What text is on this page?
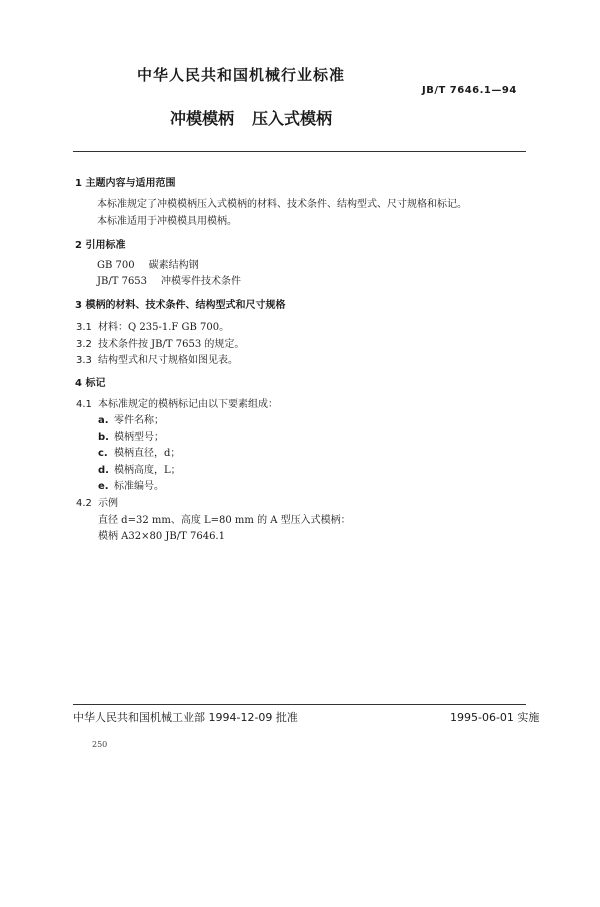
中华人民共和国机械行业标准
JB/T 7646.1—94
冲模模柄 压入式模柄
1 主题内容与适用范围
本标准规定了冲模模柄压入式模柄的材料、技术条件、结构型式、尺寸规格和标记。
本标准适用于冲模模具用模柄。
2 引用标准
GB 700 碳素结构钢
JB/T 7653 冲模零件技术条件
3 模柄的材料、技术条件、结构型式和尺寸规格
3.1 材料：Q 235-1.F GB 700。
3.2 技术条件按 JB/T 7653 的规定。
3.3 结构型式和尺寸规格如图见表。
4 标记
4.1 本标准规定的模柄标记由以下要素组成：
a. 零件名称；
b. 模柄型号；
c. 模柄直径，d；
d. 模柄高度，L；
e. 标准编号。
4.2 示例
直径 d=32 mm、高度 L=80 mm 的 A 型压入式模柄：
模柄 A32×80 JB/T 7646.1
中华人民共和国机械工业部 1994-12-09 批准	1995-06-01 实施
250
